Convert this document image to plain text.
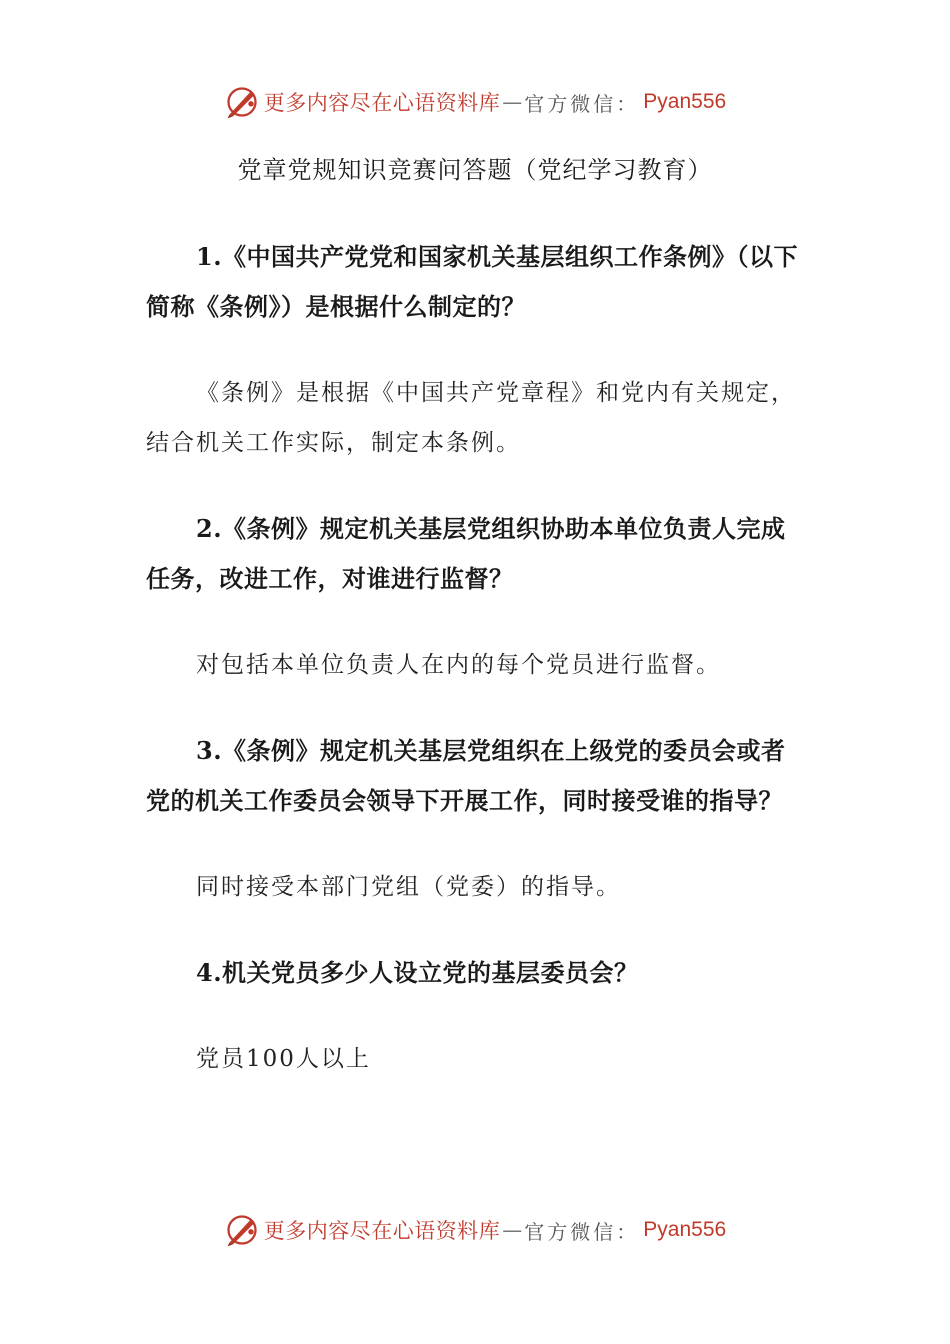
更多内容尽在心语资料库 — 官方微信： Pyan556
党章党规知识竞赛问答题（党纪学习教育）

1.《中国共产党党和国家机关基层组织工作条例》（以下简称《条例》）是根据什么制定的？

《条例》是根据《中国共产党章程》和党内有关规定，结合机关工作实际，制定本条例。

2.《条例》规定机关基层党组织协助本单位负责人完成任务，改进工作，对谁进行监督？

对包括本单位负责人在内的每个党员进行监督。

3.《条例》规定机关基层党组织在上级党的委员会或者党的机关工作委员会领导下开展工作，同时接受谁的指导？

同时接受本部门党组（党委）的指导。

4.机关党员多少人设立党的基层委员会？

党员100人以上

更多内容尽在心语资料库 — 官方微信： Pyan556
